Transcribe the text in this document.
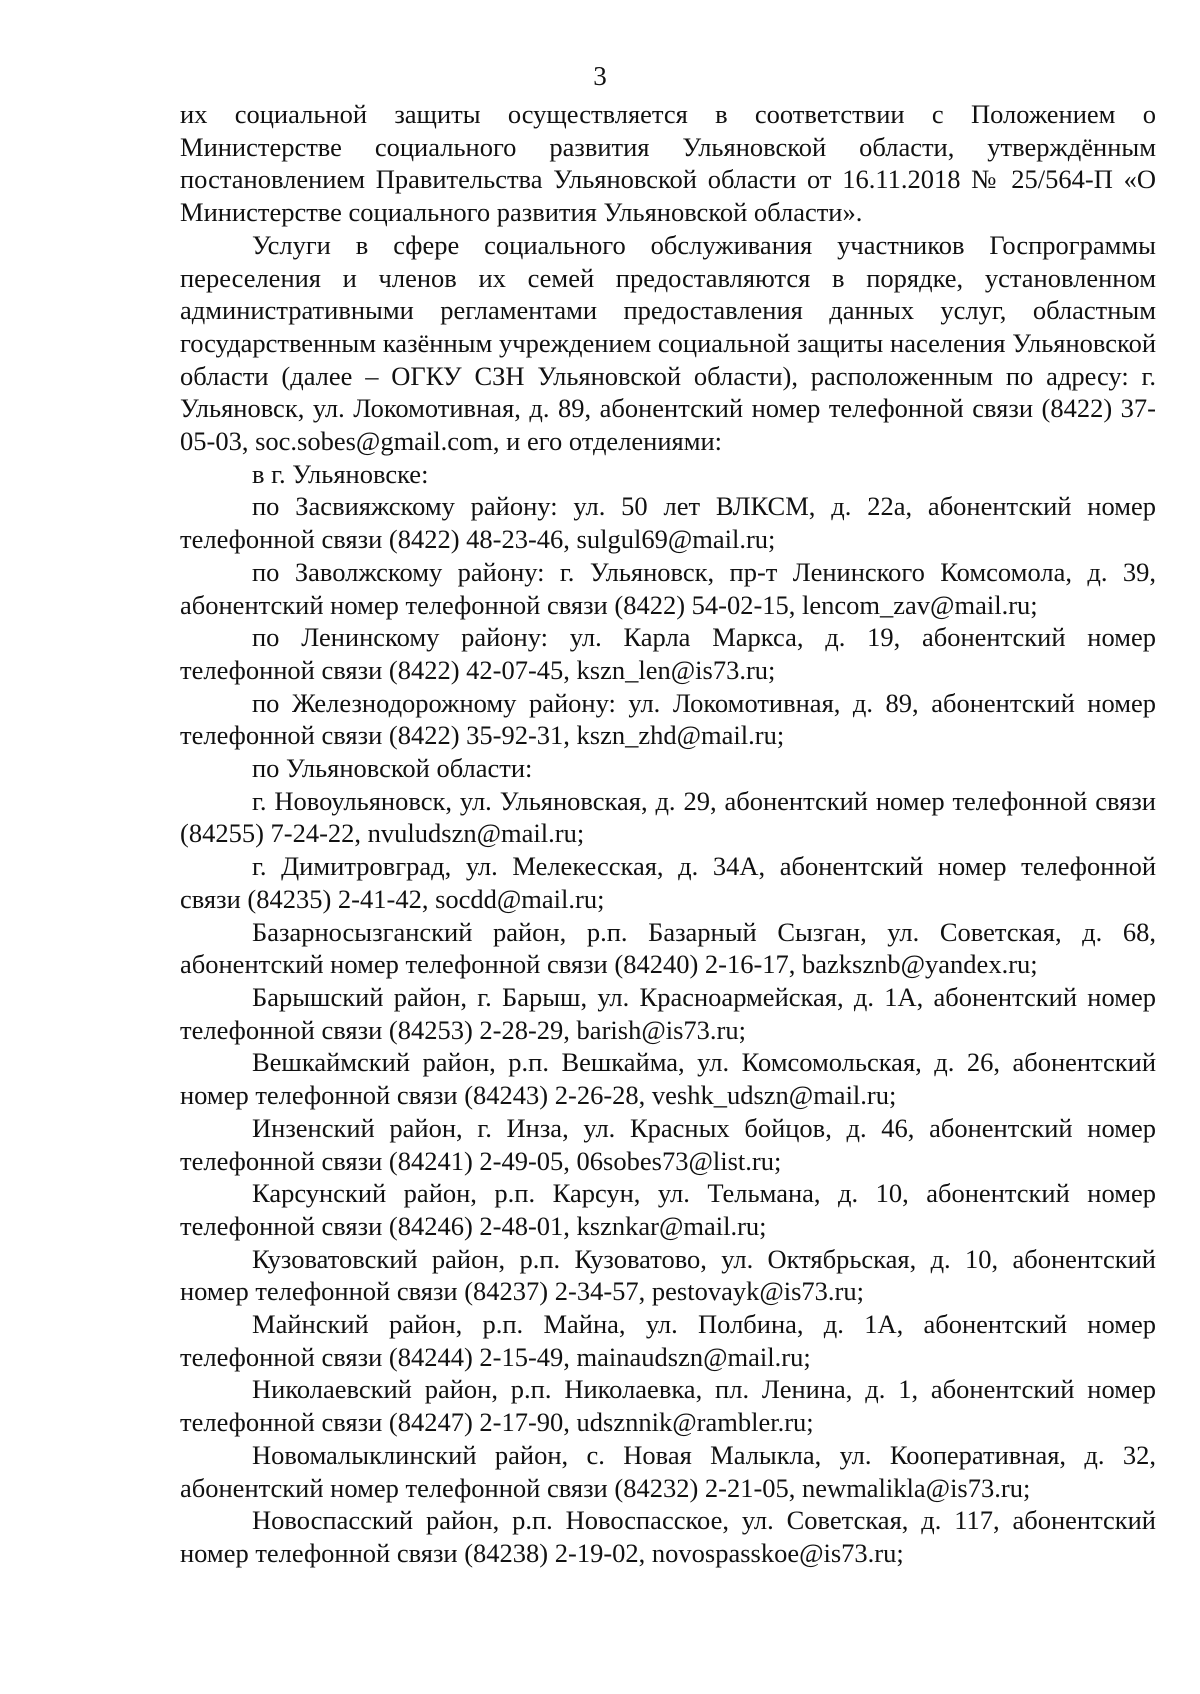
3

их социальной защиты осуществляется в соответствии с Положением о Министерстве социального развития Ульяновской области, утверждённым постановлением Правительства Ульяновской области от 16.11.2018 № 25/564-П «О Министерстве социального развития Ульяновской области».

Услуги в сфере социального обслуживания участников Госпрограммы переселения и членов их семей предоставляются в порядке, установленном административными регламентами предоставления данных услуг, областным государственным казённым учреждением социальной защиты населения Ульяновской области (далее – ОГКУ СЗН Ульяновской области), расположенным по адресу: г. Ульяновск, ул. Локомотивная, д. 89, абонентский номер телефонной связи (8422) 37-05-03, soc.sobes@gmail.com, и его отделениями:

в г. Ульяновске:

по Засвияжскому району: ул. 50 лет ВЛКСМ, д. 22а, абонентский номер телефонной связи (8422) 48-23-46, sulgul69@mail.ru;

по Заволжскому району: г. Ульяновск, пр-т Ленинского Комсомола, д. 39, абонентский номер телефонной связи (8422) 54-02-15, lencom_zav@mail.ru;

по Ленинскому району: ул. Карла Маркса, д. 19, абонентский номер телефонной связи (8422) 42-07-45, kszn_len@is73.ru;

по Железнодорожному району: ул. Локомотивная, д. 89, абонентский номер телефонной связи (8422) 35-92-31, kszn_zhd@mail.ru;

по Ульяновской области:

г. Новоульяновск, ул. Ульяновская, д. 29, абонентский номер телефонной связи (84255) 7-24-22, nvuludszn@mail.ru;

г. Димитровград, ул. Мелекесская, д. 34А, абонентский номер телефонной связи (84235) 2-41-42, socdd@mail.ru;

Базарносызганский район, р.п. Базарный Сызган, ул. Советская, д. 68, абонентский номер телефонной связи (84240) 2-16-17, bazksznb@yandex.ru;

Барышский район, г. Барыш, ул. Красноармейская, д. 1А, абонентский номер телефонной связи (84253) 2-28-29, barish@is73.ru;

Вешкаймский район, р.п. Вешкайма, ул. Комсомольская, д. 26, абонентский номер телефонной связи (84243) 2-26-28, veshk_udszn@mail.ru;

Инзенский район, г. Инза, ул. Красных бойцов, д. 46, абонентский номер телефонной связи (84241) 2-49-05, 06sobes73@list.ru;

Карсунский район, р.п. Карсун, ул. Тельмана, д. 10, абонентский номер телефонной связи (84246) 2-48-01, ksznkar@mail.ru;

Кузоватовский район, р.п. Кузоватово, ул. Октябрьская, д. 10, абонентский номер телефонной связи (84237) 2-34-57, pestovayk@is73.ru;

Майнский район, р.п. Майна, ул. Полбина, д. 1А, абонентский номер телефонной связи (84244) 2-15-49, mainaudszn@mail.ru;

Николаевский район, р.п. Николаевка, пл. Ленина, д. 1, абонентский номер телефонной связи (84247) 2-17-90, udsznnik@rambler.ru;

Новомалыклинский район, с. Новая Малыкла, ул. Кооперативная, д. 32, абонентский номер телефонной связи (84232) 2-21-05, newmalikla@is73.ru;

Новоспасский район, р.п. Новоспасское, ул. Советская, д. 117, абонентский номер телефонной связи (84238) 2-19-02, novospasskoe@is73.ru;
